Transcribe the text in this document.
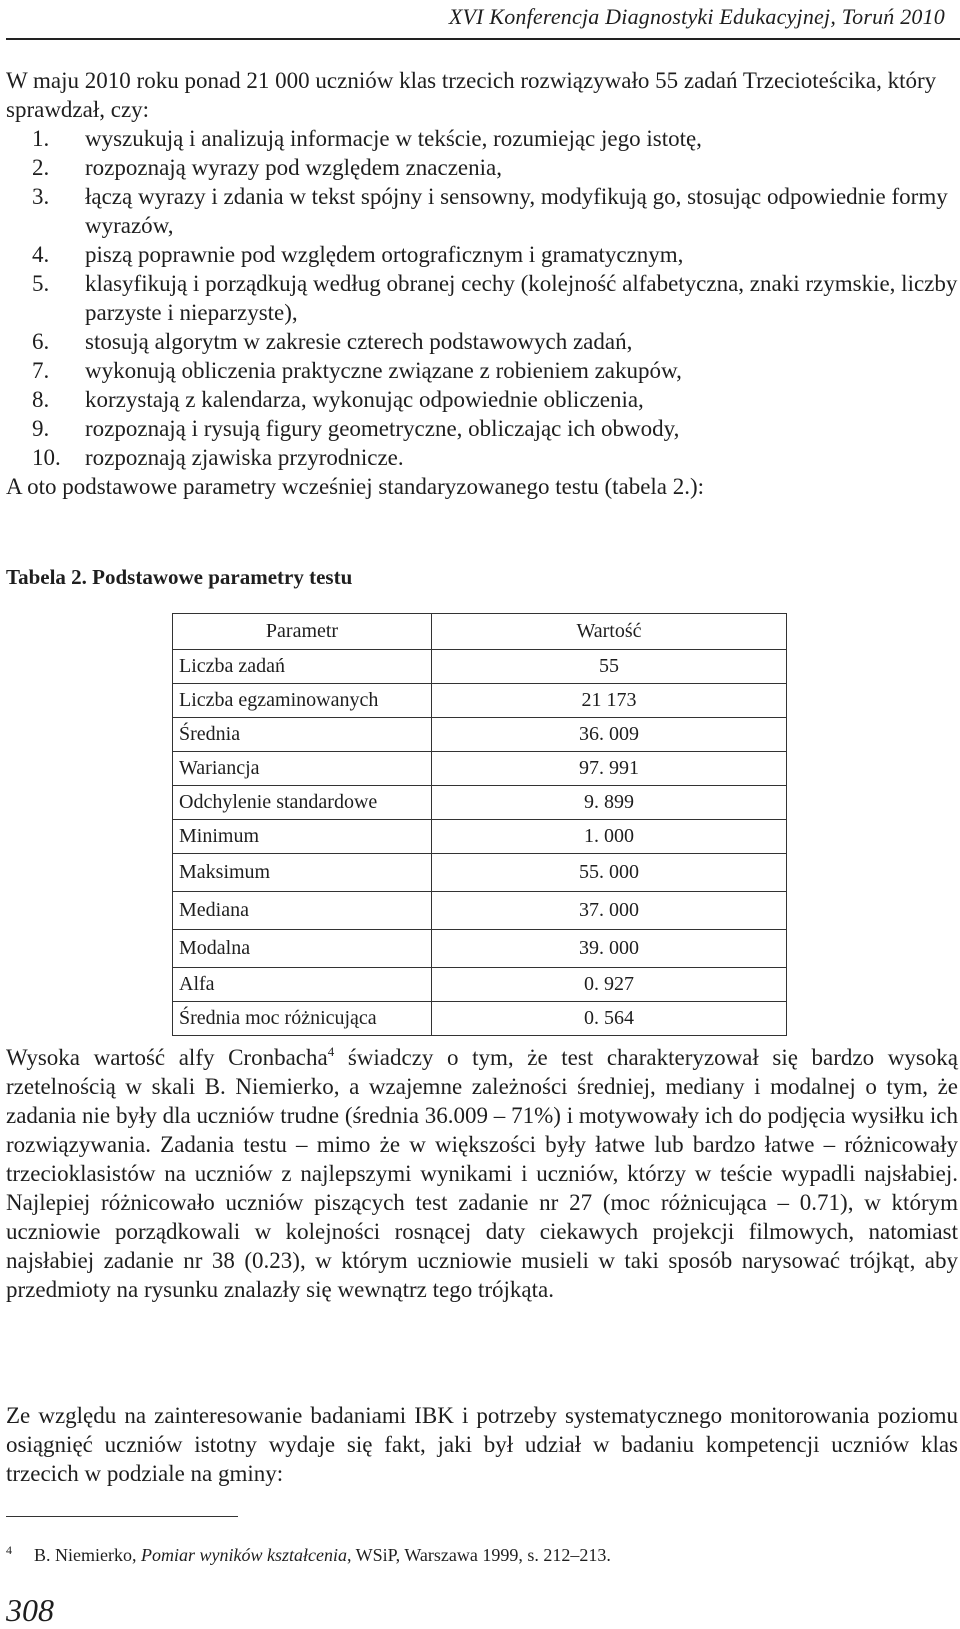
XVI Konferencja Diagnostyki Edukacyjnej, Toruń 2010

W maju 2010 roku ponad 21 000 uczniów klas trzecich rozwiązywało 55 zadań Trzecioteścika, który sprawdzał, czy:

1.	wyszukują i analizują informacje w tekście, rozumiejąc jego istotę,
2.	rozpoznają wyrazy pod względem znaczenia,
3.	łączą wyrazy i zdania w tekst spójny i sensowny, modyfikują go, stosując odpowiednie formy wyrazów,
4.	piszą poprawnie pod względem ortograficznym i gramatycznym,
5.	klasyfikują i porządkują według obranej cechy (kolejność alfabetyczna, znaki rzymskie, liczby parzyste i nieparzyste),
6.	stosują algorytm w zakresie czterech podstawowych zadań,
7.	wykonują obliczenia praktyczne związane z robieniem zakupów,
8.	korzystają z kalendarza, wykonując odpowiednie obliczenia,
9.	rozpoznają i rysują figury geometryczne, obliczając ich obwody,
10.	rozpoznają zjawiska przyrodnicze.

A oto podstawowe parametry wcześniej standaryzowanego testu (tabela 2.):

Tabela 2. Podstawowe parametry testu
Parametr	Wartość
Liczba zadań	55
Liczba egzaminowanych	21 173
Średnia	36. 009
Wariancja	97. 991
Odchylenie standardowe	9. 899
Minimum	1. 000
Maksimum	55. 000
Mediana	37. 000
Modalna	39. 000
Alfa	0. 927
Średnia moc różnicująca	0. 564

Wysoka wartość alfy Cronbacha$^4$ świadczy o tym, że test charakteryzował się bardzo wysoką rzetelnością w skali B. Niemierko, a wzajemne zależności średniej, mediany i modalnej o tym, że zadania nie były dla uczniów trudne (średnia 36.009 – 71%) i motywowały ich do podjęcia wysiłku ich rozwiązywania. Zadania testu – mimo że w większości były łatwe lub bardzo łatwe – różnicowały trzecioklasistów na uczniów z najlepszymi wynikami i uczniów, którzy w teście wypadli najsłabiej. Najlepiej różnicowało uczniów piszących test zadanie nr 27 (moc różnicująca – 0.71), w którym uczniowie porządkowali w kolejności rosnącej daty ciekawych projekcji filmowych, natomiast najsłabiej zadanie nr 38 (0.23), w którym uczniowie musieli w taki sposób narysować trójkąt, aby przedmioty na rysunku znalazły się wewnątrz tego trójkąta.

Ze względu na zainteresowanie badaniami IBK i potrzeby systematycznego monitorowania poziomu osiągnięć uczniów istotny wydaje się fakt, jaki był udział w badaniu kompetencji uczniów klas trzecich w podziale na gminy:

$^4$ B. Niemierko, Pomiar wyników kształcenia, WSiP, Warszawa 1999, s. 212–213.
308
